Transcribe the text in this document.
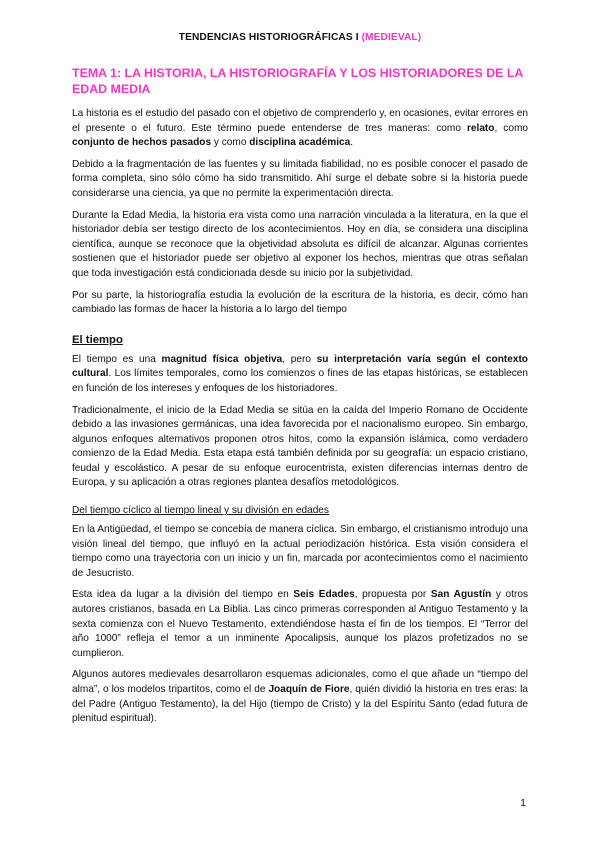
TENDENCIAS HISTORIOGRÁFICAS I (MEDIEVAL)
TEMA 1: LA HISTORIA, LA HISTORIOGRAFÍA Y LOS HISTORIADORES DE LA EDAD MEDIA

La historia es el estudio del pasado con el objetivo de comprenderlo y, en ocasiones, evitar errores en el presente o el futuro. Este término puede entenderse de tres maneras: como relato, como conjunto de hechos pasados y como disciplina académica.

Debido a la fragmentación de las fuentes y su limitada fiabilidad, no es posible conocer el pasado de forma completa, sino sólo cómo ha sido transmitido. Ahí surge el debate sobre si la historia puede considerarse una ciencia, ya que no permite la experimentación directa.

Durante la Edad Media, la historia era vista como una narración vinculada a la literatura, en la que el historiador debía ser testigo directo de los acontecimientos. Hoy en día, se considera una disciplina científica, aunque se reconoce que la objetividad absoluta es difícil de alcanzar. Algunas corrientes sostienen que el historiador puede ser objetivo al exponer los hechos, mientras que otras señalan que toda investigación está condicionada desde su inicio por la subjetividad.

Por su parte, la historiografía estudia la evolución de la escritura de la historia, es decir, cómo han cambiado las formas de hacer la historia a lo largo del tiempo

El tiempo

El tiempo es una magnitud física objetiva, pero su interpretación varía según el contexto cultural. Los límites temporales, como los comienzos o fines de las etapas históricas, se establecen en función de los intereses y enfoques de los historiadores.

Tradicionalmente, el inicio de la Edad Media se sitúa en la caída del Imperio Romano de Occidente debido a las invasiones germánicas, una idea favorecida por el nacionalismo europeo. Sin embargo, algunos enfoques alternativos proponen otros hitos, como la expansión islámica, como verdadero comienzo de la Edad Media. Esta etapa está también definida por su geografía: un espacio cristiano, feudal y escolástico. A pesar de su enfoque eurocentrista, existen diferencias internas dentro de Europa, y su aplicación a otras regiones plantea desafíos metodológicos.

Del tiempo cíclico al tiempo lineal y su división en edades

En la Antigüedad, el tiempo se concebía de manera cíclica. Sin embargo, el cristianismo introdujo una visión lineal del tiempo, que influyó en la actual periodización histórica. Esta visión considera el tiempo como una trayectoria con un inicio y un fin, marcada por acontecimientos como el nacimiento de Jesucristo.

Esta idea da lugar a la división del tiempo en Seis Edades, propuesta por San Agustín y otros autores cristianos, basada en La Biblia. Las cinco primeras corresponden al Antiguo Testamento y la sexta comienza con el Nuevo Testamento, extendiéndose hasta el fin de los tiempos. El “Terror del año 1000” refleja el temor a un inminente Apocalipsis, aunque los plazos profetizados no se cumplieron.

Algunos autores medievales desarrollaron esquemas adicionales, como el que añade un “tiempo del alma”, o los modelos tripartitos, como el de Joaquín de Fiore, quién dividió la historia en tres eras: la del Padre (Antiguo Testamento), la del Hijo (tiempo de Cristo) y la del Espíritu Santo (edad futura de plenitud espiritual).

1
